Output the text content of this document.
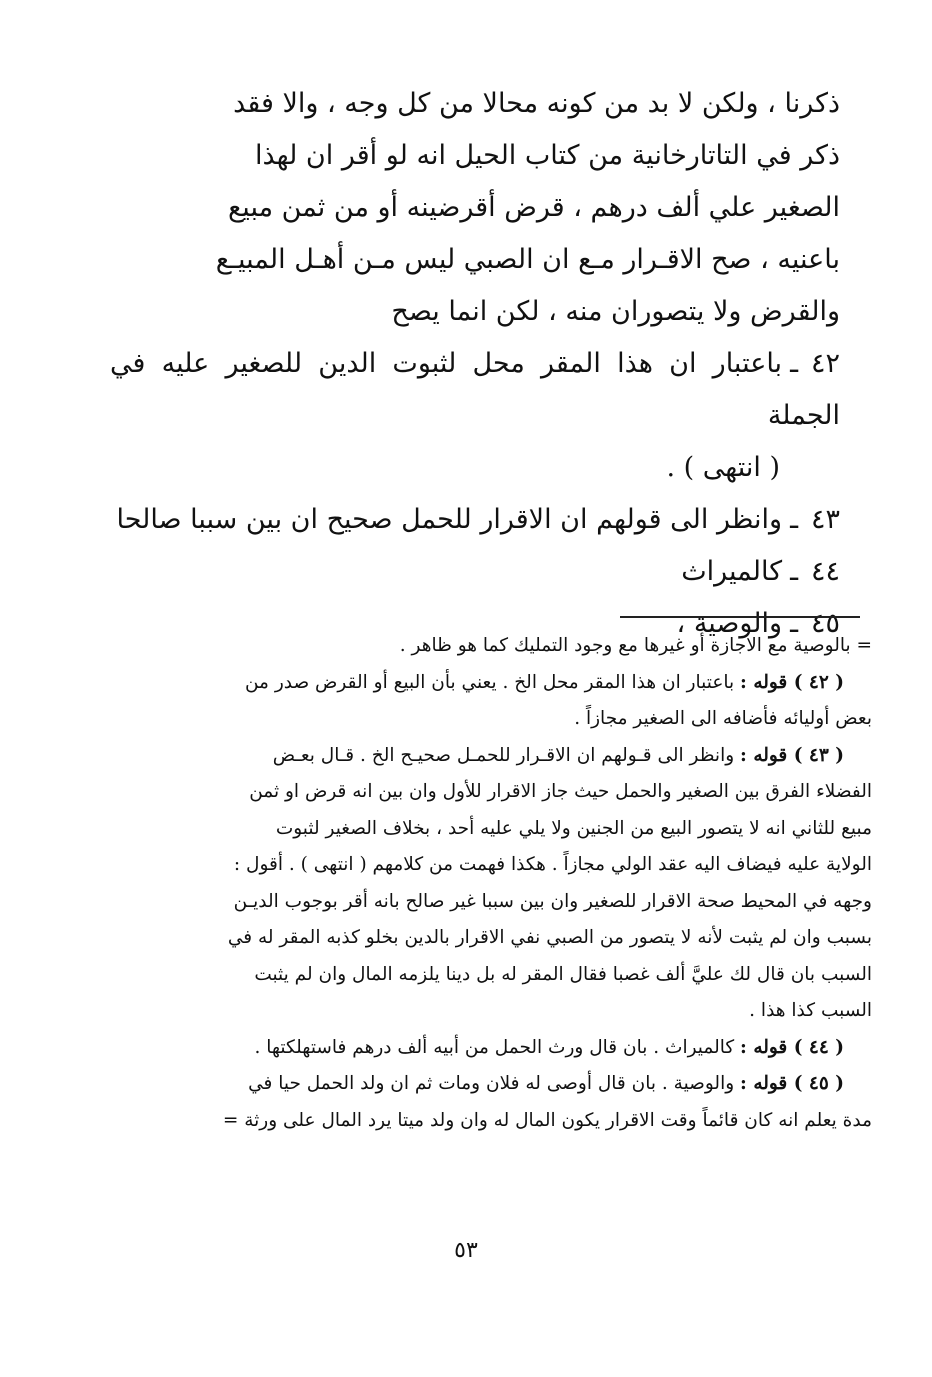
ذكرنا ، ولكن لا بد من كونه محالا من كل وجه ، والا فقد

ذكر في التاتارخانية من كتاب الحيل انه لو أقر ان لهذا

الصغير علي ألف درهم ، قرض أقرضينه أو من ثمن مبيع

باعنيه ، صح الاقـرار مـع ان الصبي ليس مـن أهـل المبيـع

والقرض ولا يتصوران منه ، لكن انما يصح

٤٢ـباعتبار ان هذا المقر محل لثبوت الدين للصغير عليه في الجملة

( انتهى ) .

٤٣ـوانظر الى قولهم ان الاقرار للحمل صحيح ان بين سببا صالحا

٤٤ـكالميراث

٤٥ـوالوصية ،

= بالوصية مع الاجازة أو غيرها مع وجود التمليك كما هو ظاهر .

( ٤٢ ) قوله : باعتبار ان هذا المقر محل الخ . يعني بأن البيع أو القرض صدر من

بعض أوليائه فأضافه الى الصغير مجازاً .

( ٤٣ ) قوله : وانظر الى قـولهم ان الاقـرار للحمـل صحيـح الخ . قـال بعـض

الفضلاء الفرق بين الصغير والحمل حيث جاز الاقرار للأول وان بين انه قرض او ثمن

مبيع للثاني انه لا يتصور البيع من الجنين ولا يلي عليه أحد ، بخلاف الصغير لثبوت

الولاية عليه فيضاف اليه عقد الولي مجازاً . هكذا فهمت من كلامهم ( انتهى ) . أقول :

وجهه في المحيط صحة الاقرار للصغير وان بين سببا غير صالح بانه أقر بوجوب الديـن

بسبب وان لم يثبت لأنه لا يتصور من الصبي نفي الاقرار بالدين بخلو كذبه المقر له في

السبب بان قال لك عليَّ ألف غصبا فقال المقر له بل دينا يلزمه المال وان لم يثبت

السبب كذا هذا .

( ٤٤ ) قوله : كالميراث . بان قال ورث الحمل من أبيه ألف درهم فاستهلكتها .

( ٤٥ ) قوله : والوصية . بان قال أوصى له فلان ومات ثم ان ولد الحمل حيا في

مدة يعلم انه كان قائماً وقت الاقرار يكون المال له وان ولد ميتا يرد المال على ورثة =

٥٣
